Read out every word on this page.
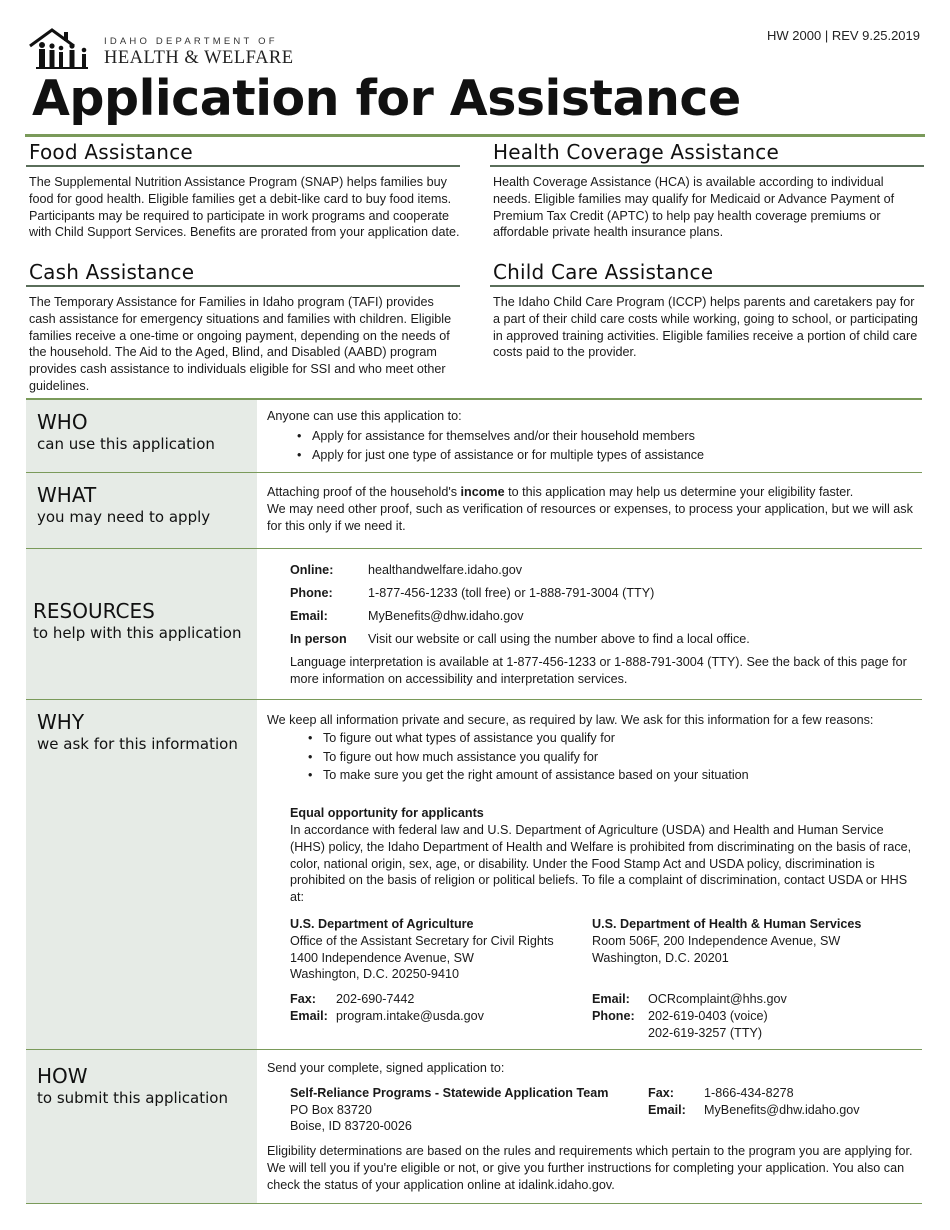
IDAHO DEPARTMENT OF
HEALTH & WELFARE
HW 2000 | REV 9.25.2019
Application for Assistance
Food Assistance

The Supplemental Nutrition Assistance Program (SNAP) helps families buy food for good health. Eligible families get a debit-like card to buy food items. Participants may be required to participate in work programs and cooperate with Child Support Services. Benefits are prorated from your application date.

Health Coverage Assistance

Health Coverage Assistance (HCA) is available according to individual needs. Eligible families may qualify for Medicaid or Advance Payment of Premium Tax Credit (APTC) to help pay health coverage premiums or affordable private health insurance plans.

Cash Assistance

The Temporary Assistance for Families in Idaho program (TAFI) provides cash assistance for emergency situations and families with children. Eligible families receive a one-time or ongoing payment, depending on the needs of the household. The Aid to the Aged, Blind, and Disabled (AABD) program provides cash assistance to individuals eligible for SSI and who meet other guidelines.

Child Care Assistance

The Idaho Child Care Program (ICCP) helps parents and caretakers pay for a part of their child care costs while working, going to school, or participating in approved training activities. Eligible families receive a portion of child care costs paid to the provider.

WHO
can use this application
Anyone can use this application to:
• Apply for assistance for themselves and/or their household members
• Apply for just one type of assistance or for multiple types of assistance
WHAT
you may need to apply
Attaching proof of the household's income to this application may help us determine your eligibility faster.
We may need other proof, such as verification of resources or expenses, to process your application, but we will ask for this only if we need it.
RESOURCES
to help with this application
Online:	healthandwelfare.idaho.gov
Phone:	1-877-456-1233 (toll free) or 1-888-791-3004 (TTY)
Email:	MyBenefits@dhw.idaho.gov
In person	Visit our website or call using the number above to find a local office.
Language interpretation is available at 1-877-456-1233 or 1-888-791-3004 (TTY). See the back of this page for more information on accessibility and interpretation services.
WHY
we ask for this information
We keep all information private and secure, as required by law. We ask for this information for a few reasons:
• To figure out what types of assistance you qualify for
• To figure out how much assistance you qualify for
• To make sure you get the right amount of assistance based on your situation
Equal opportunity for applicants
In accordance with federal law and U.S. Department of Agriculture (USDA) and Health and Human Service (HHS) policy, the Idaho Department of Health and Welfare is prohibited from discriminating on the basis of race, color, national origin, sex, age, or disability. Under the Food Stamp Act and USDA policy, discrimination is prohibited on the basis of religion or political beliefs. To file a complaint of discrimination, contact USDA or HHS at:
U.S. Department of Agriculture
Office of the Assistant Secretary for Civil Rights
1400 Independence Avenue, SW
Washington, D.C. 20250-9410
Fax:	202-690-7442
Email: program.intake@usda.gov
U.S. Department of Health & Human Services
Room 506F, 200 Independence Avenue, SW
Washington, D.C. 20201
Email:	OCRcomplaint@hhs.gov
Phone:	202-619-0403 (voice)
202-619-3257 (TTY)
HOW
to submit this application
Send your complete, signed application to:
Self-Reliance Programs - Statewide Application Team
PO Box 83720
Boise, ID 83720-0026
Fax: 1-866-434-8278
Email: MyBenefits@dhw.idaho.gov
Eligibility determinations are based on the rules and requirements which pertain to the program you are applying for. We will tell you if you're eligible or not, or give you further instructions for completing your application. You also can check the status of your application online at idalink.idaho.gov.
